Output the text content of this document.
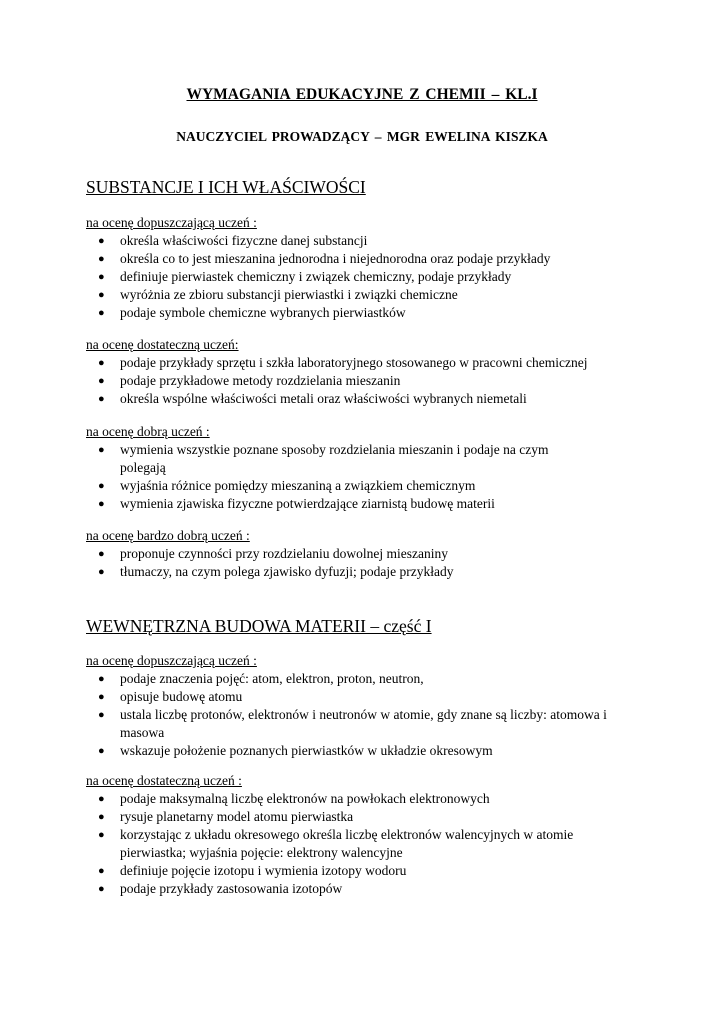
WYMAGANIA EDUKACYJNE Z CHEMII – KL.I
NAUCZYCIEL PROWADZĄCY – MGR EWELINA KISZKA
SUBSTANCJE I ICH WŁAŚCIWOŚCI
na ocenę dopuszczającą uczeń :
● określa właściwości fizyczne danej substancji
● określa co to jest mieszanina jednorodna i niejednorodna oraz podaje przykłady
● definiuje pierwiastek chemiczny i związek chemiczny, podaje przykłady
● wyróżnia ze zbioru substancji pierwiastki i związki chemiczne
● podaje symbole chemiczne wybranych pierwiastków
na ocenę dostateczną uczeń:
● podaje przykłady sprzętu i szkła laboratoryjnego stosowanego w pracowni chemicznej
● podaje przykładowe metody rozdzielania mieszanin
● określa wspólne właściwości metali oraz właściwości wybranych niemetali
na ocenę dobrą uczeń :
● wymienia wszystkie poznane sposoby rozdzielania mieszanin i podaje na czym polegają
● wyjaśnia różnice pomiędzy mieszaniną a związkiem chemicznym
● wymienia zjawiska fizyczne potwierdzające ziarnistą budowę materii
na ocenę bardzo dobrą uczeń :
● proponuje czynności przy rozdzielaniu dowolnej mieszaniny
● tłumaczy, na czym polega zjawisko dyfuzji; podaje przykłady
WEWNĘTRZNA BUDOWA MATERII – część I
na ocenę dopuszczającą uczeń :
● podaje znaczenia pojęć: atom, elektron, proton, neutron,
● opisuje budowę atomu
● ustala liczbę protonów, elektronów i neutronów w atomie, gdy znane są liczby: atomowa i masowa
● wskazuje położenie poznanych pierwiastków w układzie okresowym
na ocenę dostateczną uczeń :
● podaje maksymalną liczbę elektronów na powłokach elektronowych
● rysuje planetarny model atomu pierwiastka
● korzystając z układu okresowego określa liczbę elektronów walencyjnych w atomie pierwiastka; wyjaśnia pojęcie: elektrony walencyjne
● definiuje pojęcie izotopu i wymienia izotopy wodoru
● podaje przykłady zastosowania izotopów
